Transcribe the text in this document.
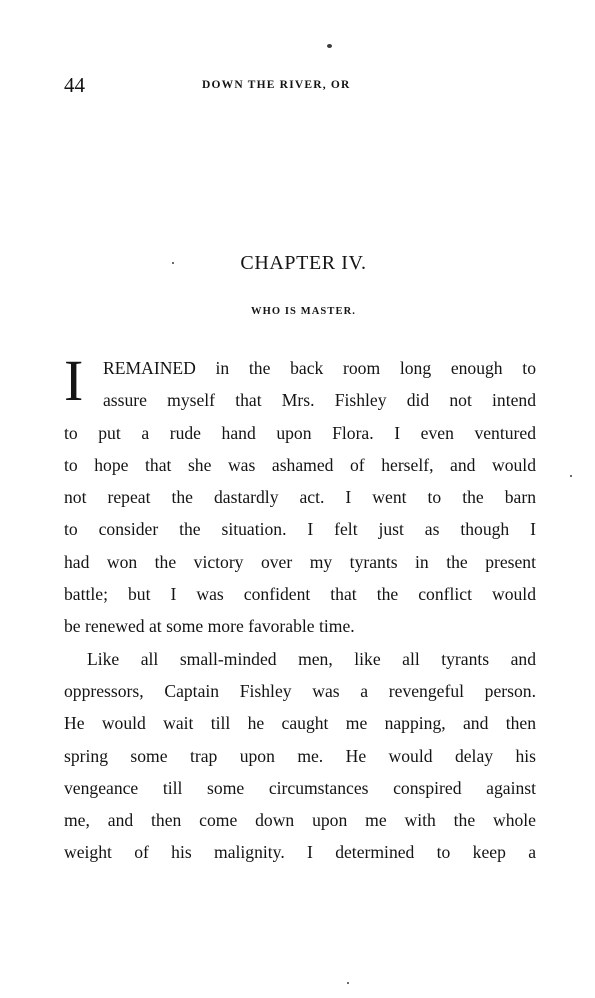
44	DOWN THE RIVER, OR
CHAPTER IV.
WHO IS MASTER.
I	REMAINED in the back room long enough to
assure myself that Mrs. Fishley did not intend
to put a rude hand upon Flora. I even ventured
to hope that she was ashamed of herself, and would
not repeat the dastardly act. I went to the barn
to consider the situation. I felt just as though I
had won the victory over my tyrants in the present
battle; but I was confident that the conflict would
be renewed at some more favorable time.
Like all small-minded men, like all tyrants and
oppressors, Captain Fishley was a revengeful person.
He would wait till he caught me napping, and then
spring some trap upon me. He would delay his
vengeance till some circumstances conspired against
me, and then come down upon me with the whole
weight of his malignity. I determined to keep a
